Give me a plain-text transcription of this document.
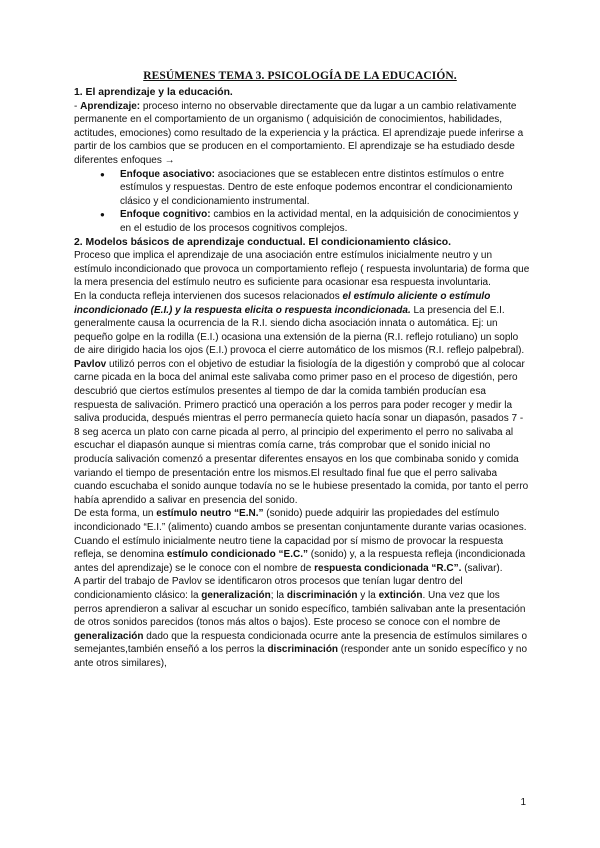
RESÚMENES TEMA 3. PSICOLOGÍA DE LA EDUCACIÓN.

1. El aprendizaje y la educación.

- Aprendizaje: proceso interno no observable directamente que da lugar a un cambio relativamente permanente en el comportamiento de un organismo ( adquisición de conocimientos, habilidades, actitudes, emociones) como resultado de la experiencia y la práctica. El aprendizaje puede inferirse a partir de los cambios que se producen en el comportamiento. El aprendizaje se ha estudiado desde diferentes enfoques →

● Enfoque asociativo: asociaciones que se establecen entre distintos estímulos o entre estímulos y respuestas. Dentro de este enfoque podemos encontrar el condicionamiento clásico y el condicionamiento instrumental.
● Enfoque cognitivo: cambios en la actividad mental, en la adquisición de conocimientos y en el estudio de los procesos cognitivos complejos.

2. Modelos básicos de aprendizaje conductual. El condicionamiento clásico.

Proceso que implica el aprendizaje de una asociación entre estímulos inicialmente neutro y un estímulo incondicionado que provoca un comportamiento reflejo ( respuesta involuntaria) de forma que la mera presencia del estímulo neutro es suficiente para ocasionar esa respuesta involuntaria.

En la conducta refleja intervienen dos sucesos relacionados el estímulo aliciente o estímulo incondicionado (E.I.) y la respuesta elicita o respuesta incondicionada. La presencia del E.I. generalmente causa la ocurrencia de la R.I. siendo dicha asociación innata o automática. Ej: un pequeño golpe en la rodilla (E.I.) ocasiona una extensión de la pierna (R.I. reflejo rotuliano) un soplo de aire dirigido hacia los ojos (E.I.) provoca el cierre automático de los mismos (R.I. reflejo palpebral).

Pavlov utilizó perros con el objetivo de estudiar la fisiología de la digestión y comprobó que al colocar carne picada en la boca del animal este salivaba como primer paso en el proceso de digestión, pero descubrió que ciertos estímulos presentes al tiempo de dar la comida también producían esa respuesta de salivación. Primero practicó una operación a los perros para poder recoger y medir la saliva producida, después mientras el perro permanecía quieto hacía sonar un diapasón, pasados 7 - 8 seg acerca un plato con carne picada al perro, al principio del experimento el perro no salivaba al escuchar el diapasón aunque si mientras comía carne, trás comprobar que el sonido inicial no producía salivación comenzó a presentar diferentes ensayos en los que combinaba sonido y comida variando el tiempo de presentación entre los mismos.El resultado final fue que el perro salivaba cuando escuchaba el sonido aunque todavía no se le hubiese presentado la comida, por tanto el perro había aprendido a salivar en presencia del sonido.

De esta forma, un estímulo neutro “E.N.” (sonido) puede adquirir las propiedades del estímulo incondicionado “E.I.” (alimento) cuando ambos se presentan conjuntamente durante varias ocasiones. Cuando el estímulo inicialmente neutro tiene la capacidad por sí mismo de provocar la respuesta refleja, se denomina estímulo condicionado “E.C.” (sonido) y, a la respuesta refleja (incondicionada antes del aprendizaje) se le conoce con el nombre de respuesta condicionada “R.C”. (salivar).

A partir del trabajo de Pavlov se identificaron otros procesos que tenían lugar dentro del condicionamiento clásico: la generalización; la discriminación y la extinción. Una vez que los perros aprendieron a salivar al escuchar un sonido específico, también salivaban ante la presentación de otros sonidos parecidos (tonos más altos o bajos). Este proceso se conoce con el nombre de generalización dado que la respuesta condicionada ocurre ante la presencia de estímulos similares o semejantes,también enseñó a los perros la discriminación (responder ante un sonido específico y no ante otros similares),

1
